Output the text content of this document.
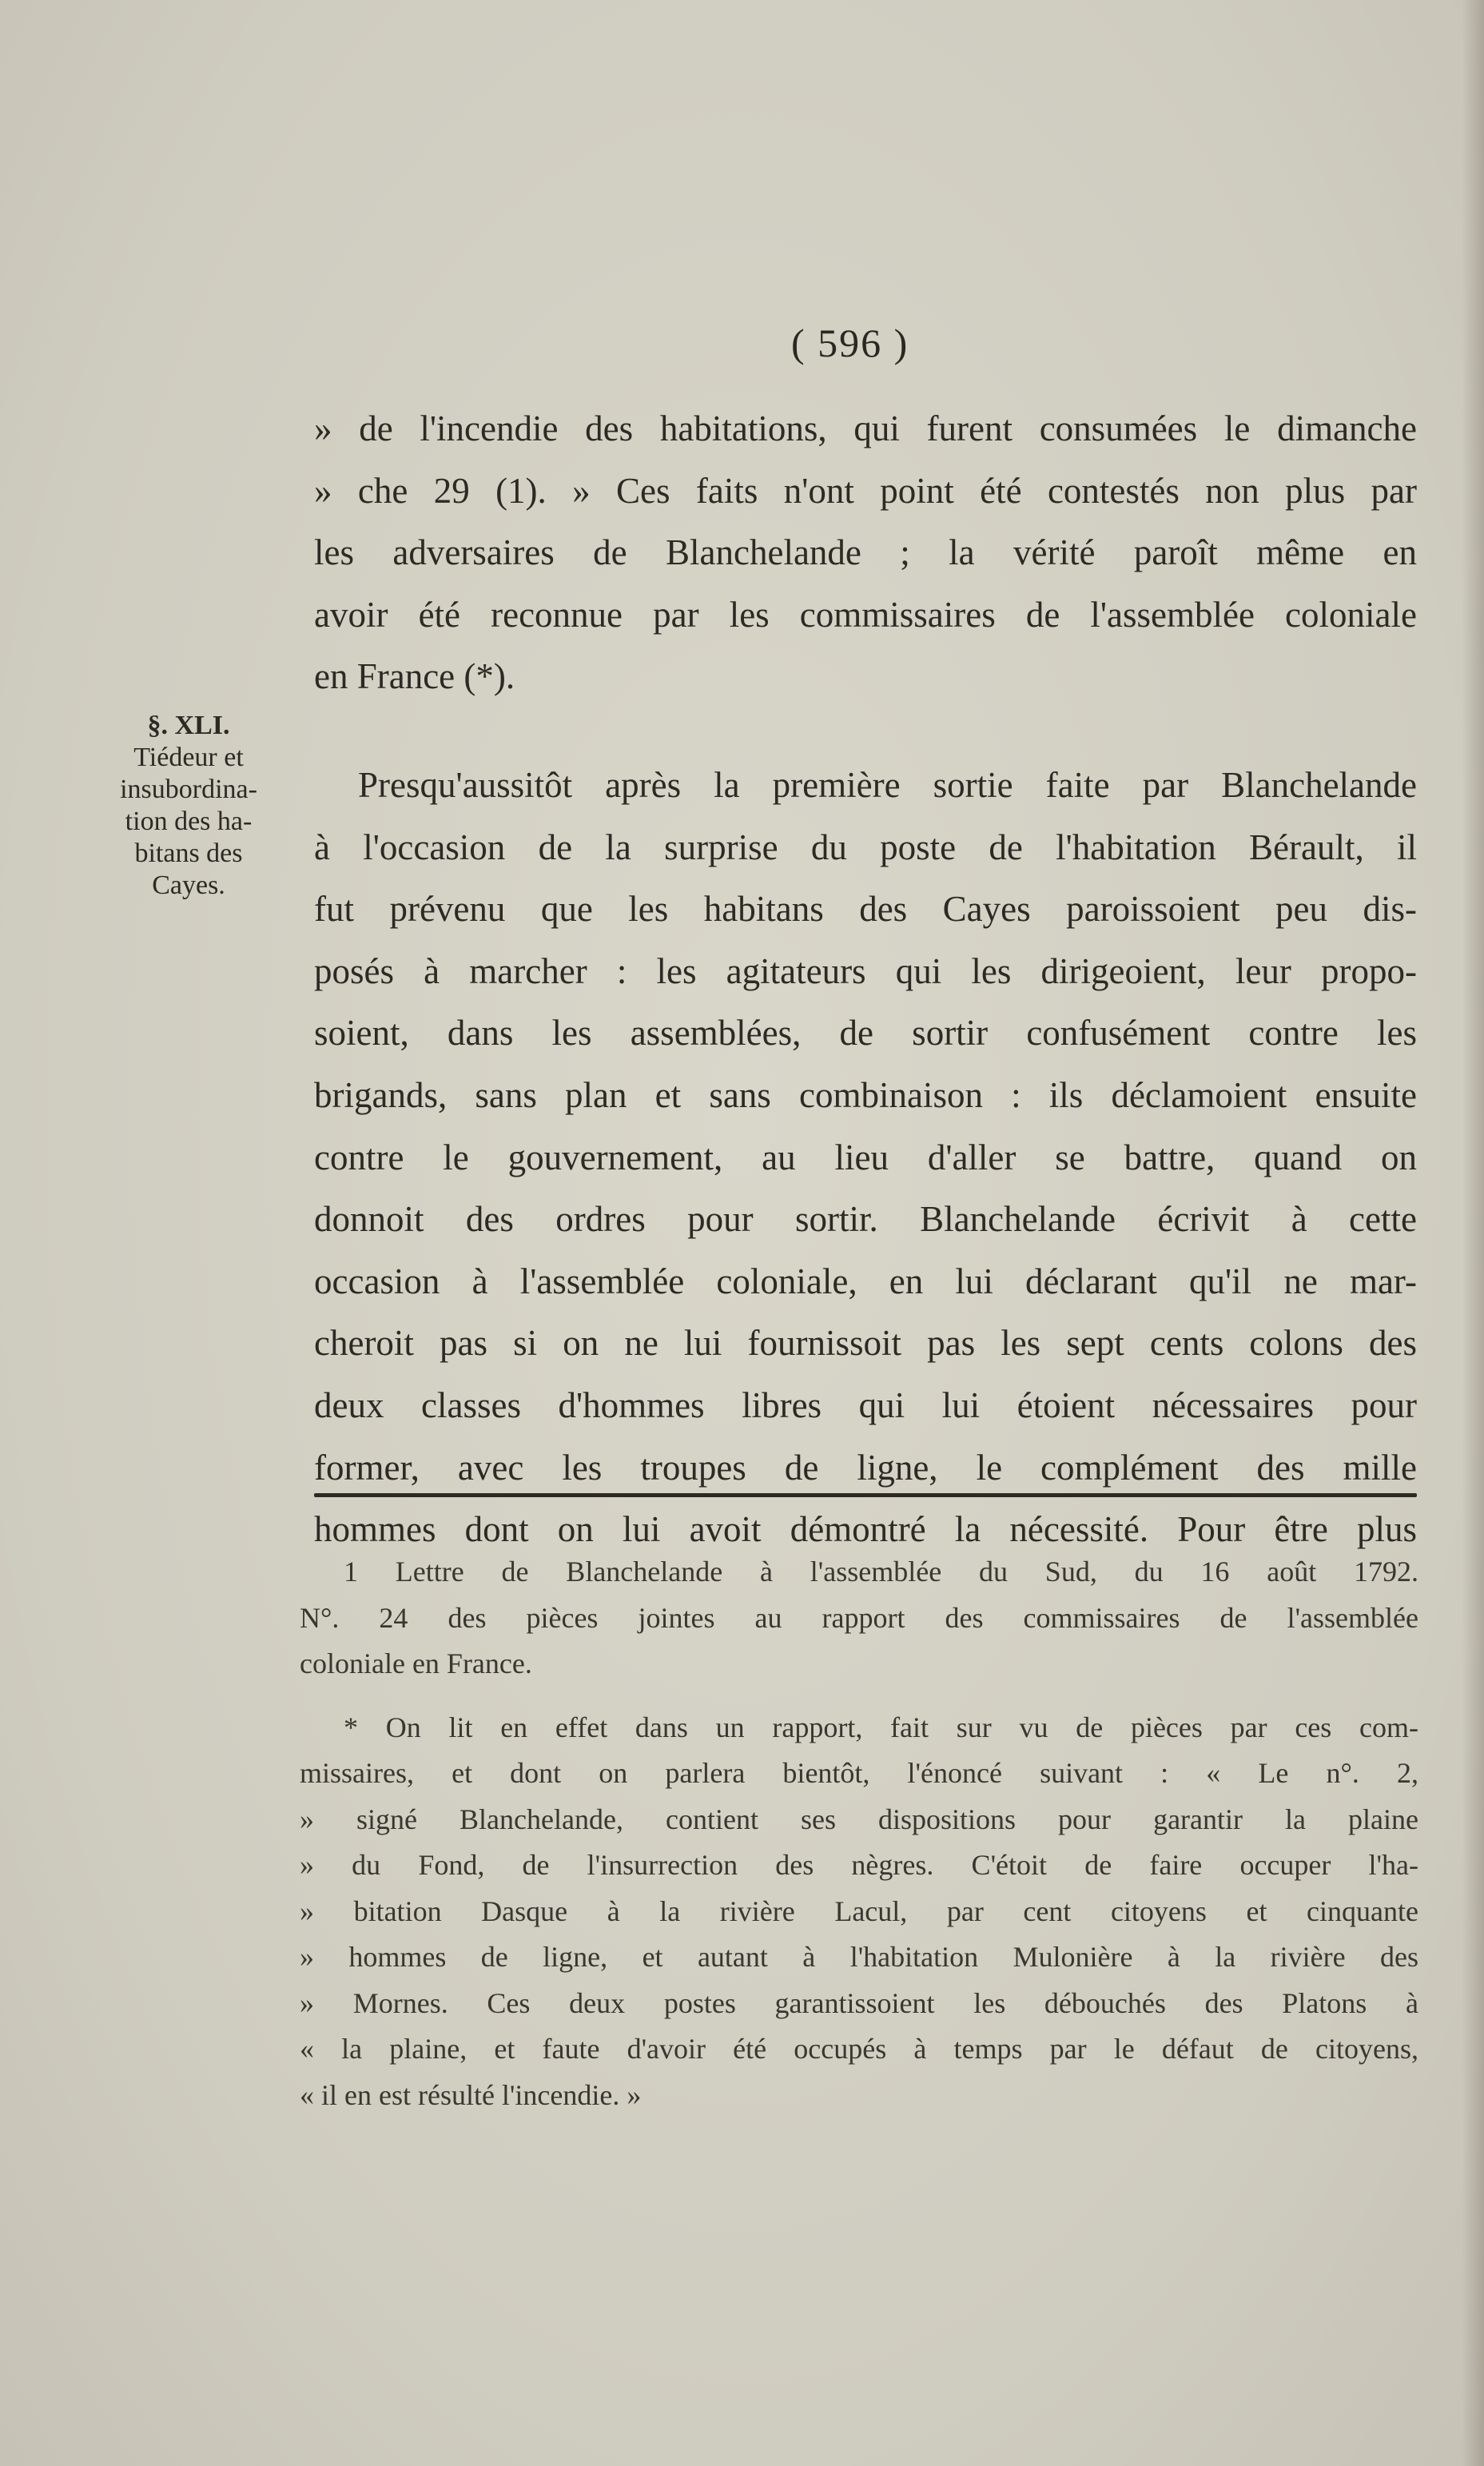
( 596 )
§. XLI.
Tiédeur et
insubordina-
tion des ha-
bitans des
Cayes.
» de l'incendie des habitations, qui furent consumées le dimanche
» che 29 (1). » Ces faits n'ont point été contestés non plus par
les adversaires de Blanchelande ; la vérité paroît même en
avoir été reconnue par les commissaires de l'assemblée coloniale
en France (*).
Presqu'aussitôt après la première sortie faite par Blanchelande
à l'occasion de la surprise du poste de l'habitation Bérault, il
fut prévenu que les habitans des Cayes paroissoient peu dis-
posés à marcher : les agitateurs qui les dirigeoient, leur propo-
soient, dans les assemblées, de sortir confusément contre les
brigands, sans plan et sans combinaison : ils déclamoient ensuite
contre le gouvernement, au lieu d'aller se battre, quand on
donnoit des ordres pour sortir. Blanchelande écrivit à cette
occasion à l'assemblée coloniale, en lui déclarant qu'il ne mar-
cheroit pas si on ne lui fournissoit pas les sept cents colons des
deux classes d'hommes libres qui lui étoient nécessaires pour
former, avec les troupes de ligne, le complément des mille
hommes dont on lui avoit démontré la nécessité. Pour être plus
1 Lettre de Blanchelande à l'assemblée du Sud, du 16 août 1792.
N°. 24 des pièces jointes au rapport des commissaires de l'assemblée
coloniale en France.
* On lit en effet dans un rapport, fait sur vu de pièces par ces com-
missaires, et dont on parlera bientôt, l'énoncé suivant : « Le n°. 2,
» signé Blanchelande, contient ses dispositions pour garantir la plaine
» du Fond, de l'insurrection des nègres. C'étoit de faire occuper l'ha-
» bitation Dasque à la rivière Lacul, par cent citoyens et cinquante
» hommes de ligne, et autant à l'habitation Mulonière à la rivière des
» Mornes. Ces deux postes garantissoient les débouchés des Platons à
« la plaine, et faute d'avoir été occupés à temps par le défaut de citoyens,
« il en est résulté l'incendie. »
